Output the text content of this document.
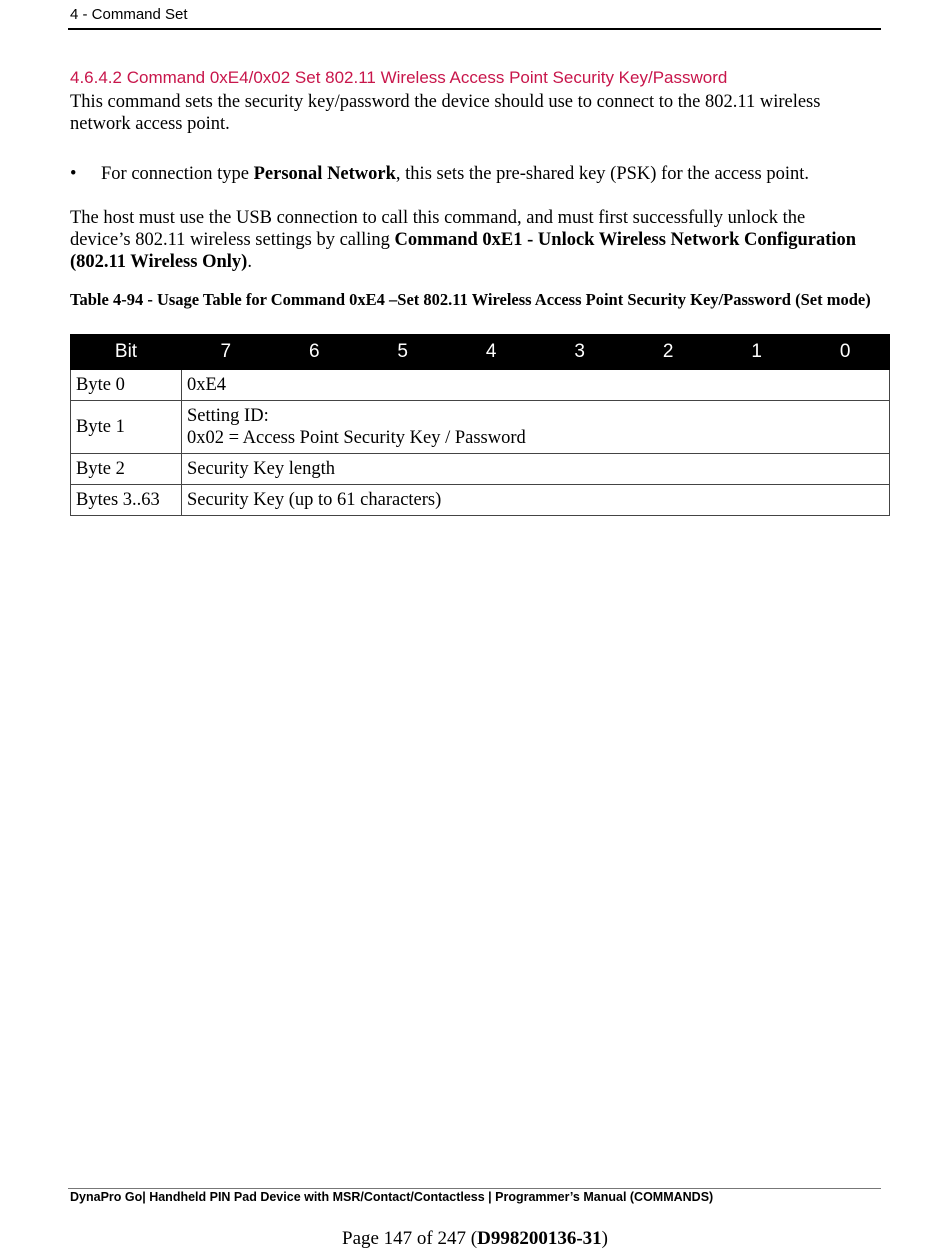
4 - Command Set
4.6.4.2 Command 0xE4/0x02 Set 802.11 Wireless Access Point Security Key/Password
This command sets the security key/password the device should use to connect to the 802.11 wireless network access point.
• For connection type Personal Network, this sets the pre-shared key (PSK) for the access point.
The host must use the USB connection to call this command, and must first successfully unlock the device’s 802.11 wireless settings by calling Command 0xE1 - Unlock Wireless Network Configuration (802.11 Wireless Only).
Table 4-94 - Usage Table for Command 0xE4 –Set 802.11 Wireless Access Point Security Key/Password (Set mode)
Bit	7	6	5	4	3	2	1	0
Byte 0	0xE4							

Byte 1	Setting ID:
0x02 = Access Point Security Key / Password							

Byte 2	Security Key length							

Bytes 3..63	Security Key (up to 61 characters)							
DynaPro Go| Handheld PIN Pad Device with MSR/Contact/Contactless | Programmer’s Manual (COMMANDS)
Page 147 of 247 (D998200136-31)
